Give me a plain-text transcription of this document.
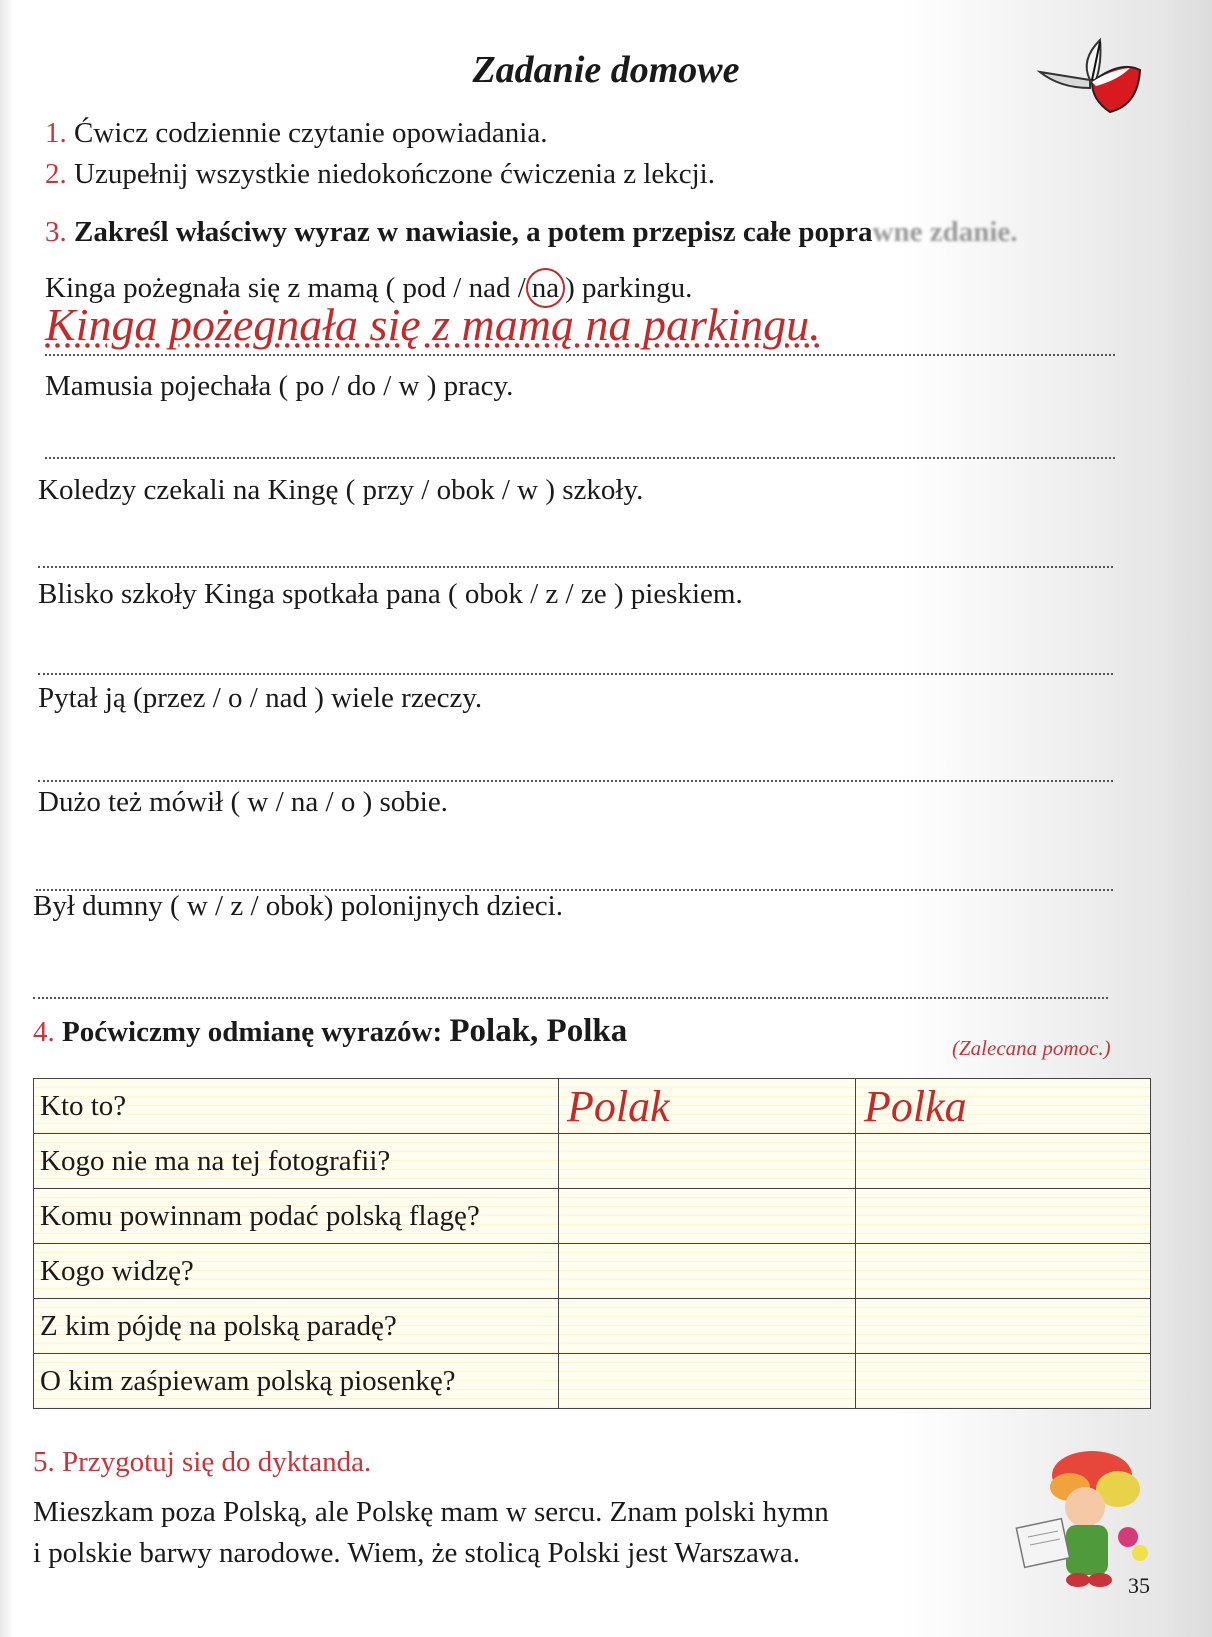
Zadanie domowe
1. Ćwicz codziennie czytanie opowiadania.
2. Uzupełnij wszystkie niedokończone ćwiczenia z lekcji.
3. Zakreśl właściwy wyraz w nawiasie, a potem przepisz całe poprawne zdanie.
Kinga pożegnała się z mamą ( pod / nad / na ) parkingu.
Kinga pożegnała się z mamą na parkingu.
Mamusia pojechała ( po / do / w ) pracy.
Koledzy czekali na Kingę ( przy / obok / w ) szkoły.
Blisko szkoły Kinga spotkała pana ( obok / z / ze ) pieskiem.
Pytał ją (przez / o / nad ) wiele rzeczy.
Dużo też mówił ( w / na / o ) sobie.
Był dumny ( w / z / obok) polonijnych dzieci.
4. Poćwiczmy odmianę wyrazów: Polak, Polka	(Zalecana pomoc.)
Kto to?	Polak	Polka
Kogo nie ma na tej fotografii?		
Komu powinnam podać polską flagę?		
Kogo widzę?		
Z kim pójdę na polską paradę?		
O kim zaśpiewam polską piosenkę?		
5. Przygotuj się do dyktanda.
Mieszkam poza Polską, ale Polskę mam w sercu. Znam polski hymn
i polskie barwy narodowe. Wiem, że stolicą Polski jest Warszawa.
35
